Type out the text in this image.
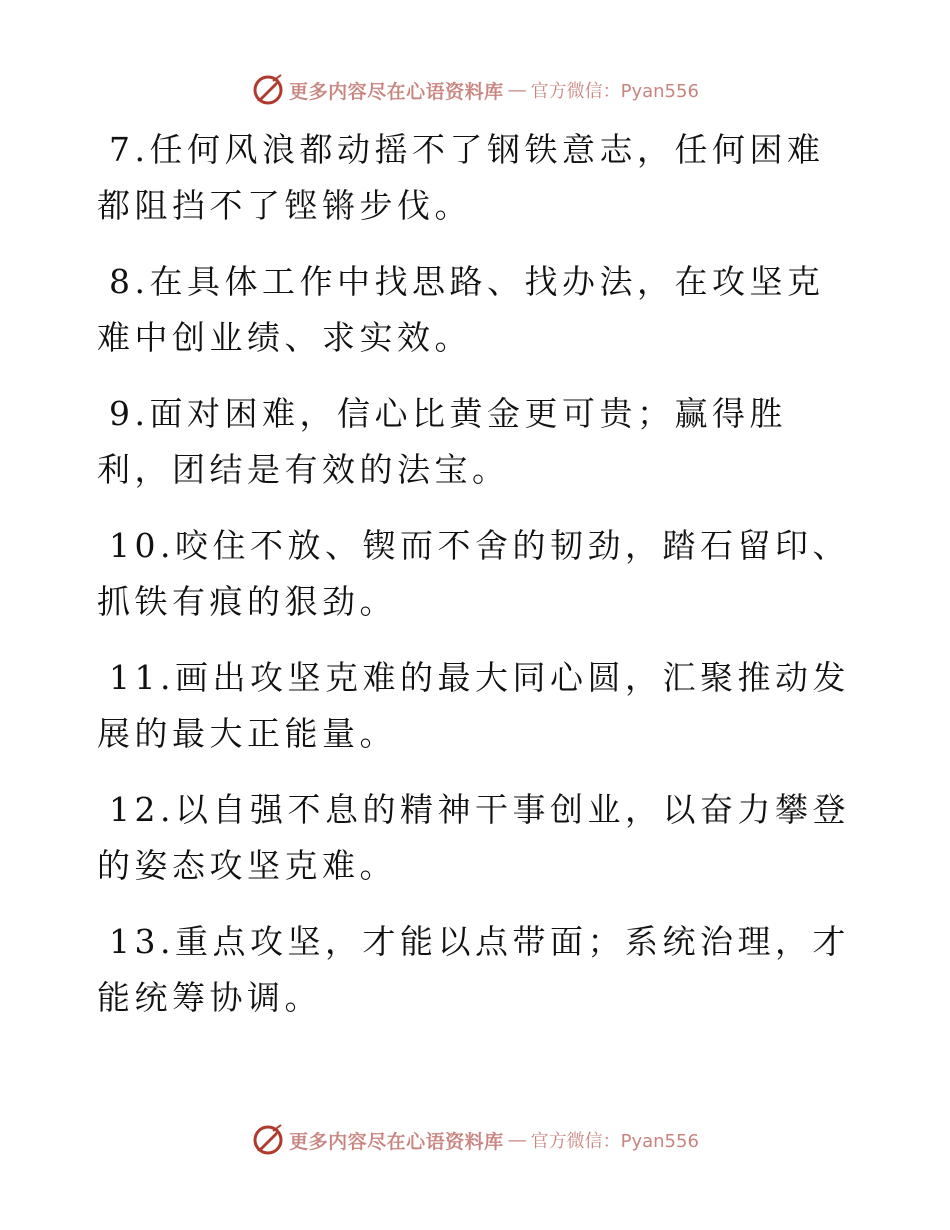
更多内容尽在心语资料库 — 官方微信：Pyan556

7.任何风浪都动摇不了钢铁意志，任何困难都阻挡不了铿锵步伐。

8.在具体工作中找思路、找办法，在攻坚克难中创业绩、求实效。

9.面对困难，信心比黄金更可贵；赢得胜利，团结是有效的法宝。

10.咬住不放、锲而不舍的韧劲，踏石留印、抓铁有痕的狠劲。

11.画出攻坚克难的最大同心圆，汇聚推动发展的最大正能量。

12.以自强不息的精神干事创业，以奋力攀登的姿态攻坚克难。

13.重点攻坚，才能以点带面；系统治理，才能统筹协调。

更多内容尽在心语资料库 — 官方微信：Pyan556
